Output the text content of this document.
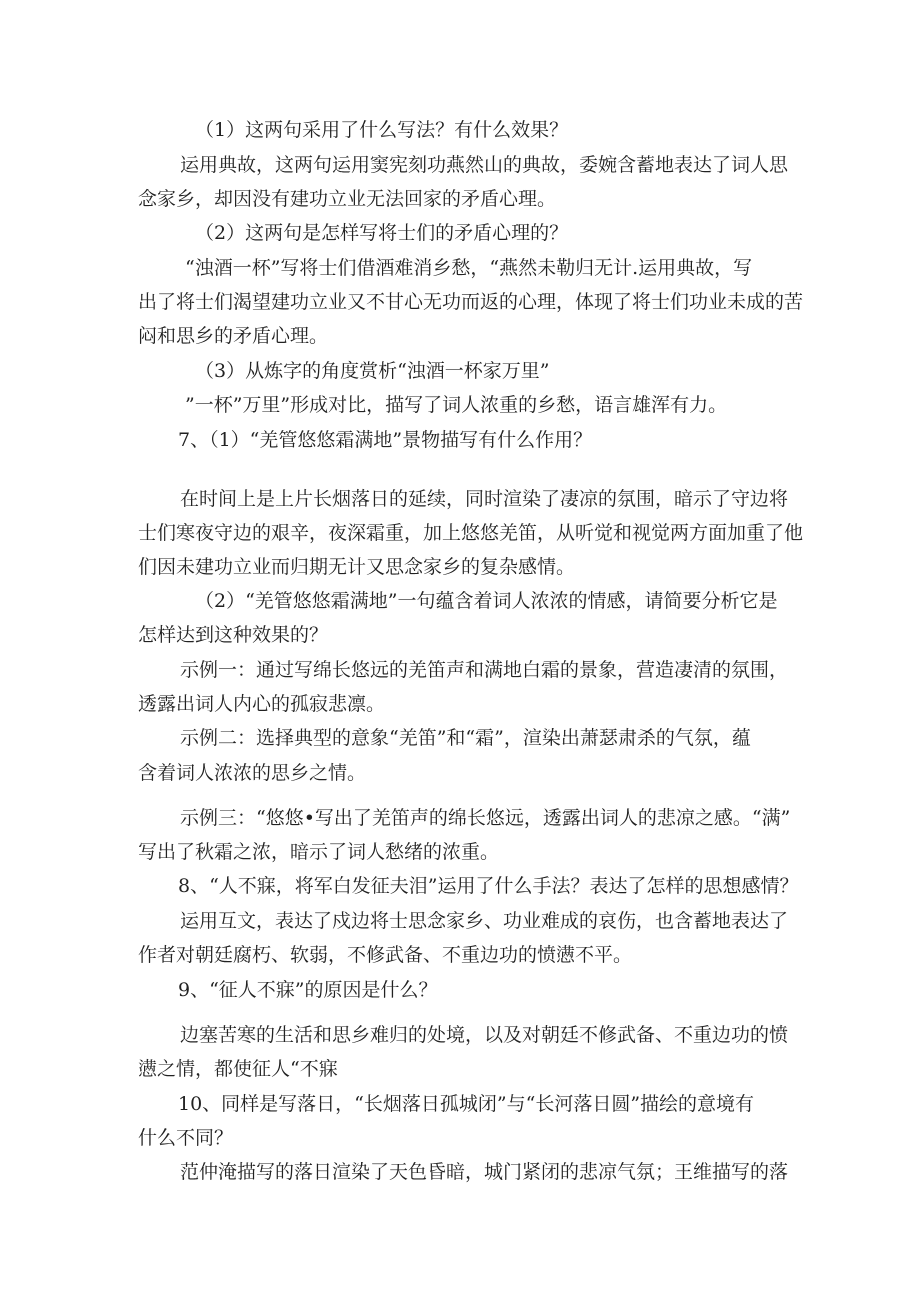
（1）这两句采用了什么写法？有什么效果？

运用典故，这两句运用窦宪刻功燕然山的典故，委婉含蓄地表达了词人思

念家乡，却因没有建功立业无法回家的矛盾心理。

（2）这两句是怎样写将士们的矛盾心理的？

“浊酒一杯”写将士们借酒难消乡愁，“燕然未勒归无计.运用典故，写

出了将士们渴望建功立业又不甘心无功而返的心理，体现了将士们功业未成的苦

闷和思乡的矛盾心理。

（3）从炼字的角度赏析“浊酒一杯家万里”

”一杯”万里”形成对比，描写了词人浓重的乡愁，语言雄浑有力。

7、（1）“羌管悠悠霜满地”景物描写有什么作用？

在时间上是上片长烟落日的延续，同时渲染了凄凉的氛围，暗示了守边将

士们寒夜守边的艰辛，夜深霜重，加上悠悠羌笛，从听觉和视觉两方面加重了他

们因未建功立业而归期无计又思念家乡的复杂感情。

（2）“羌管悠悠霜满地”一句蕴含着词人浓浓的情感，请简要分析它是

怎样达到这种效果的？

示例一：通过写绵长悠远的羌笛声和满地白霜的景象，营造凄清的氛围，

透露出词人内心的孤寂悲凛。

示例二：选择典型的意象“羌笛”和“霜”，渲染出萧瑟肃杀的气氛，蕴

含着词人浓浓的思乡之情。

示例三：“悠悠•写出了羌笛声的绵长悠远，透露出词人的悲凉之感。“满”

写出了秋霜之浓，暗示了词人愁绪的浓重。

8、“人不寐，将军白发征夫泪”运用了什么手法？表达了怎样的思想感情？

运用互文，表达了戍边将士思念家乡、功业难成的哀伤，也含蓄地表达了

作者对朝廷腐朽、软弱，不修武备、不重边功的愤懑不平。

9、“征人不寐”的原因是什么？

边塞苦寒的生活和思乡难归的处境，以及对朝廷不修武备、不重边功的愤

懑之情，都使征人“不寐

10、同样是写落日，“长烟落日孤城闭”与“长河落日圆”描绘的意境有

什么不同？

范仲淹描写的落日渲染了天色昏暗，城门紧闭的悲凉气氛；王维描写的落
